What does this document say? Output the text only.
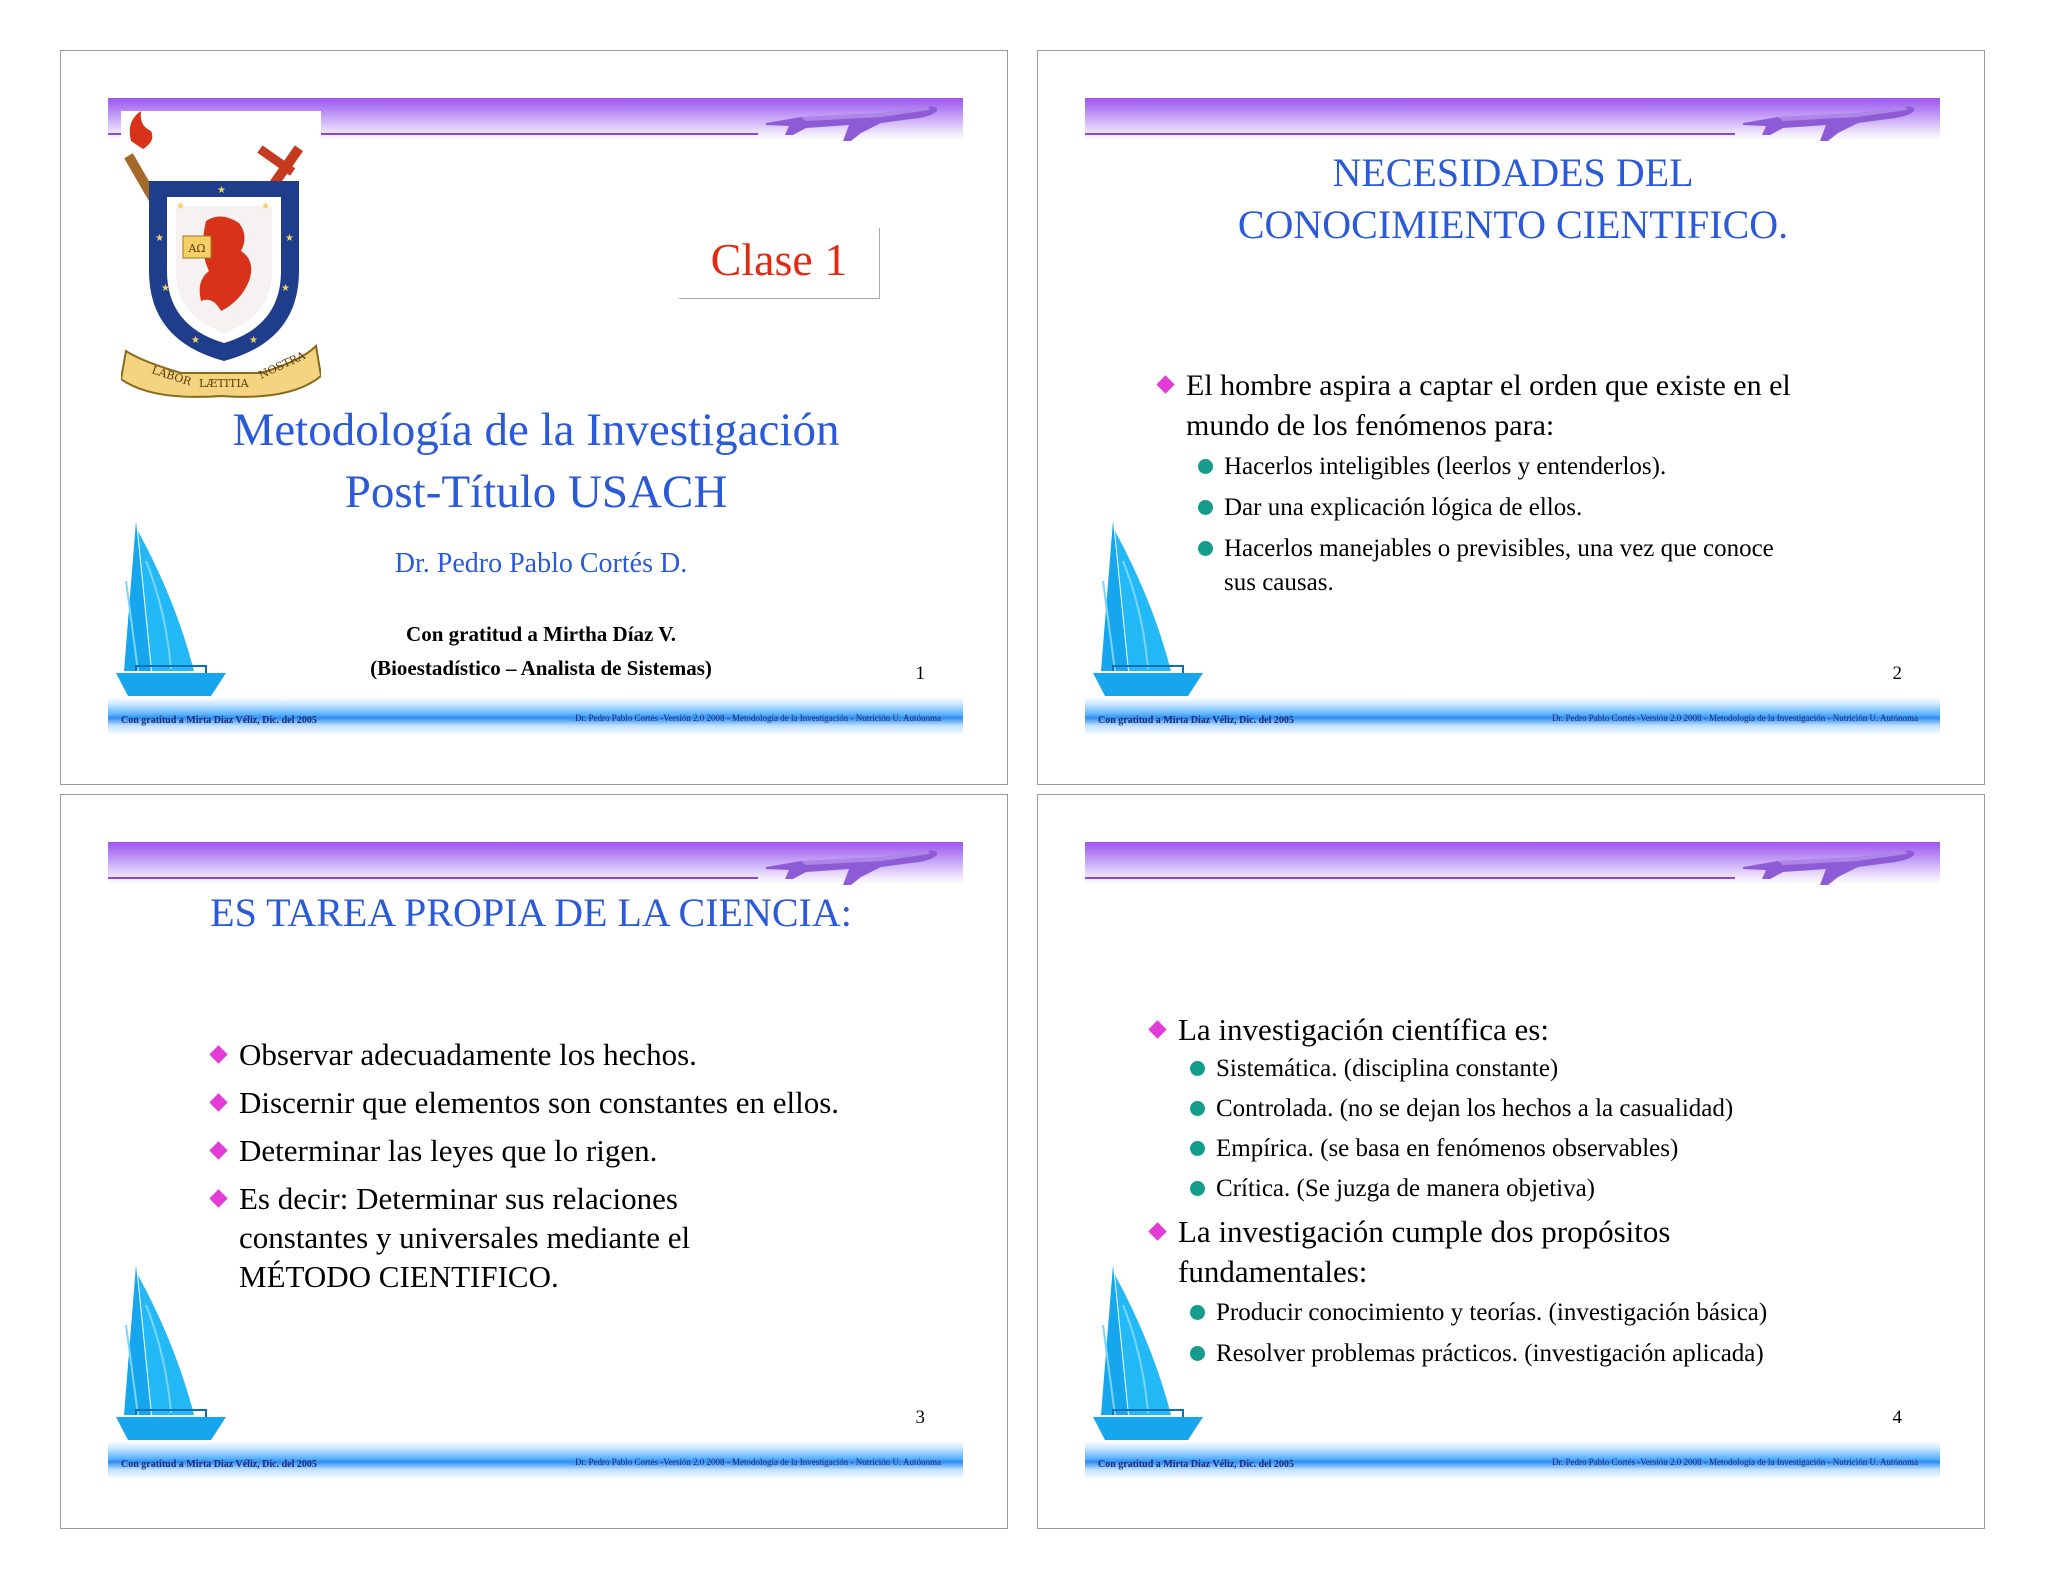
AΩ
★
★
★
★	★
★	★
★	★
LABOR LÆTITIA
NOSTRA
Clase 1
Metodología de la Investigación
Post-Título USACH
Dr. Pedro Pablo Cortés D.
Con gratitud a Mirtha Díaz V.
(Bioestadístico – Analista de Sistemas)	1
Con gratitud a Mirta Diaz Véliz, Dic. del 2005	Dr. Pedro Pablo Cortés -Versión 2.0 2008 - Metodología de la Investigación - Nutrición U. Autónoma
NECESIDADES DEL
CONOCIMIENTO CIENTIFICO.
El hombre aspira a captar el orden que existe en el
mundo de los fenómenos para:
Hacerlos inteligibles (leerlos y entenderlos).
Dar una explicación lógica de ellos.
Hacerlos manejables o previsibles, una vez que conoce
sus causas.
2
Con gratitud a Mirta Diaz Véliz, Dic. del 2005	Dr. Pedro Pablo Cortés -Versión 2.0 2008 - Metodología de la Investigación - Nutrición U. Autónoma
ES TAREA PROPIA DE LA CIENCIA:
Observar adecuadamente los hechos.
Discernir que elementos son constantes en ellos.
Determinar las leyes que lo rigen.
Es decir: Determinar sus relaciones
constantes y universales mediante el
MÉTODO CIENTIFICO.
3
Con gratitud a Mirta Diaz Véliz, Dic. del 2005	Dr. Pedro Pablo Cortés -Versión 2.0 2008 - Metodología de la Investigación - Nutrición U. Autónoma
La investigación científica es:
Sistemática. (disciplina constante)
Controlada. (no se dejan los hechos a la casualidad)
Empírica. (se basa en fenómenos observables)
Crítica. (Se juzga de manera objetiva)
La investigación cumple dos propósitos
fundamentales:
Producir conocimiento y teorías. (investigación básica)
Resolver problemas prácticos. (investigación aplicada)
4
Con gratitud a Mirta Diaz Véliz, Dic. del 2005	Dr. Pedro Pablo Cortés -Versión 2.0 2008 - Metodología de la Investigación - Nutrición U. Autónoma
